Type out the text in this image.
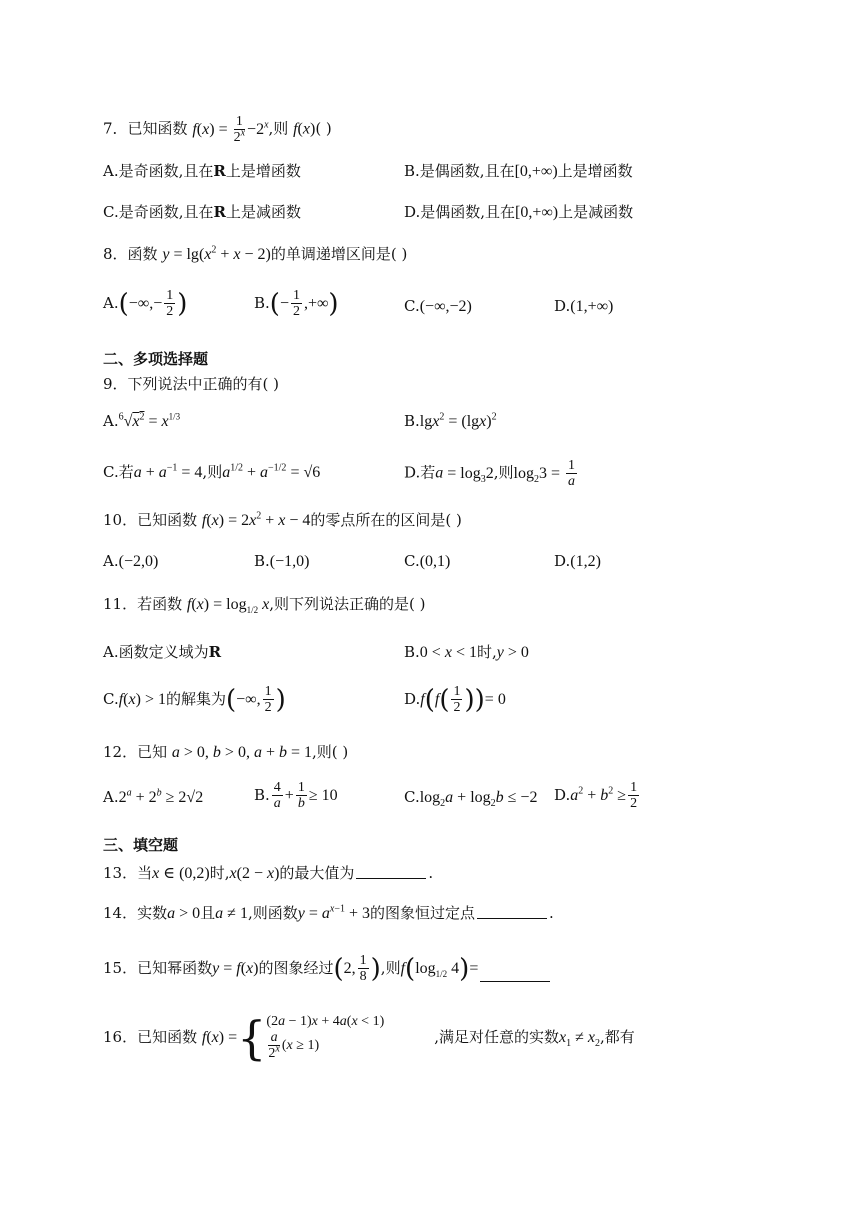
7．已知函数 $f(x) = \frac{1}{2^x} -2^x$,则 f(x)( )
A.是奇函数,且在R上是增函数	B.是偶函数,且在[0,+∞)上是增函数
C.是奇函数,且在R上是减函数	D.是偶函数,且在[0,+∞)上是减函数
8．函数 $y = \lg(x^2 + x - 2)$的单调递增区间是( )
$A.(-\infty,- \frac{1}{2}$ )	$B.(- \frac{1}{2}$ ,+∞)	C.(−∞,−2)	D.(1,+∞)
二、多项选择题
9．下列说法中正确的有( )
$A.^6√x^2 = x^{1/3}$	$B.\lg x^2 = (\lg x)^2$
C.若$a + a^{-1} = 4$,则$a^{1/2} + a^{-1/2} = √6$	D.若$a = \log_32$,则$\log_23 = \frac{1}{a}$
10．已知函数 $f(x) = 2x^2 + x - 4$的零点所在的区间是( )
A.(−2,0)	B.(−1,0)	C.(0,1)	D.(1,2)
11．若函数 $f(x) = \log_{1/2} x$,则下列说法正确的是( )
A.函数定义域为R	B.0 < x < 1时,y > 0
C.f(x) > 1的解集为(−∞, $\frac{1}{2}$ )	$D.f(f( \frac{1}{2}$ ))= 0
12．已知 a > 0, b > 0, a + b = 1,则( )
$A.2^a + 2^b \ge 2√2$	B. $\frac{4}{a} + \frac{1}{b} \ge 10$	$C.\log_2a + \log_2b \le -2$ $D.a^2 + b^2 \ge \frac{1}{2}$
三、填空题
13．当x ∈ (0,2)时,x(2 − x)的最大值为	.
14．实数a > 0且a ≠ 1,则函数$y = a^{x-1} + 3$的图象恒过定点	.
15．已知幂函数y = f(x)的图象经过(2, $\frac{1}{8}$ ),则$f(\log_{1/2}$ 4)=
16．已知函数 f(x) ={ (2a − 1)x + 4a(x < 1)
$\frac{a}{2^x} (x \ge 1)$	,满足对任意的实数$x_1 \ne x_2$,都有
